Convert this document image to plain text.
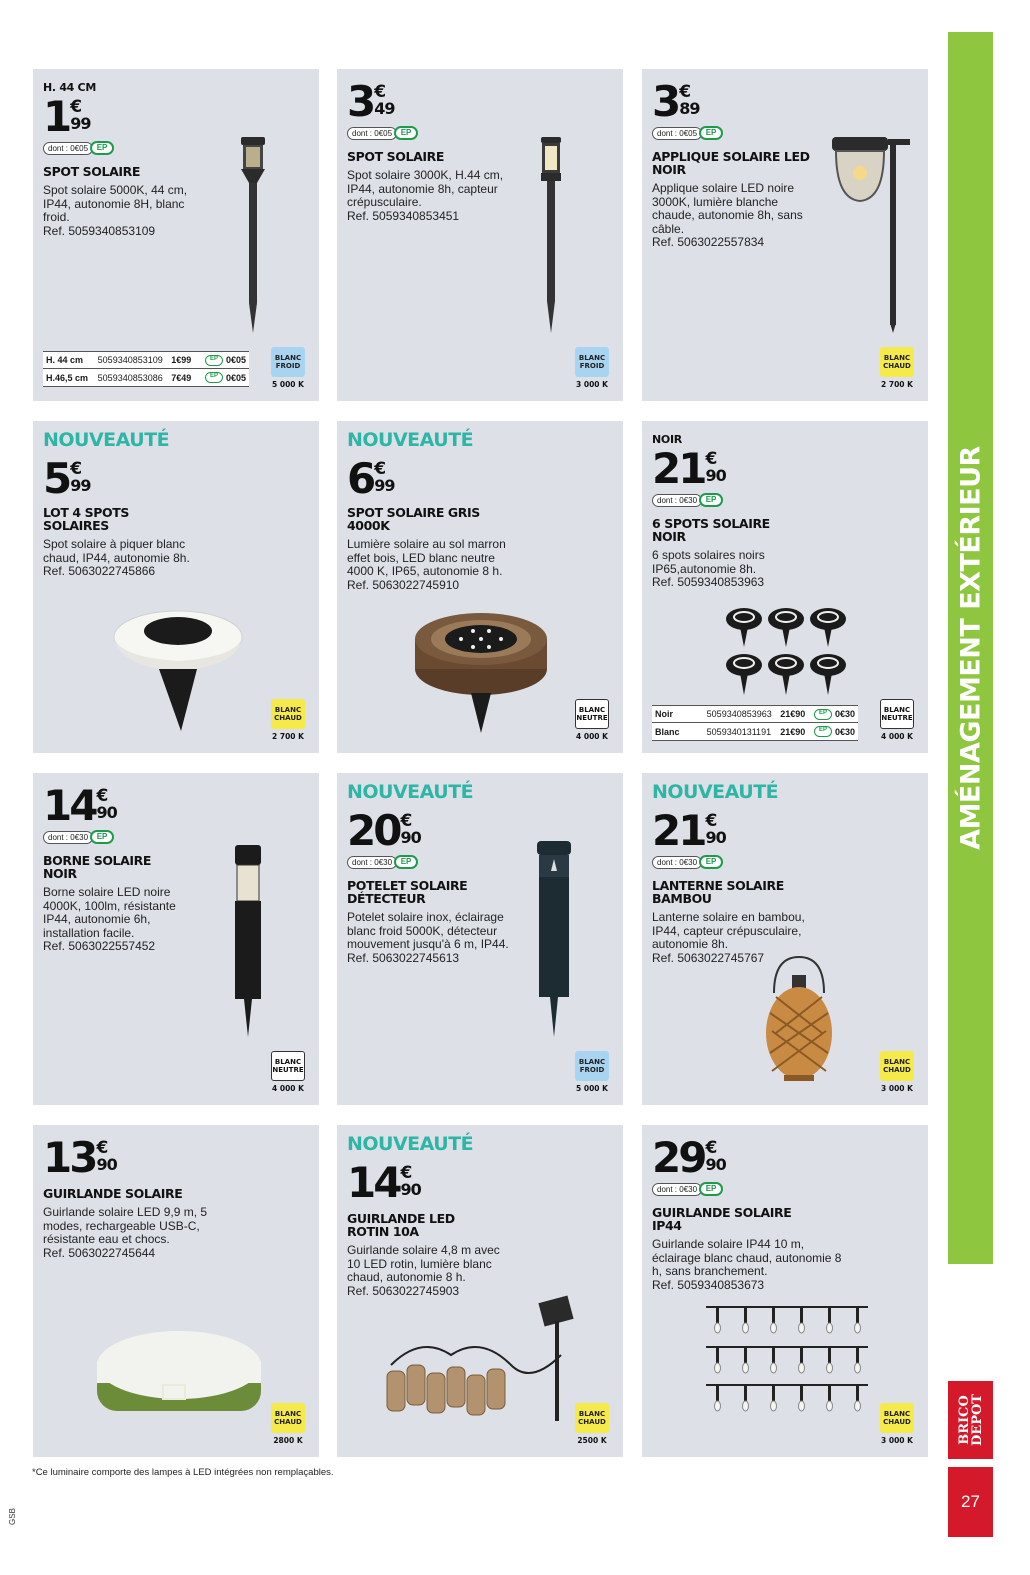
H. 44 CM
1 €
99
dont : 0€05	EP
SPOT SOLAIRE
Spot solaire 5000K, 44 cm, IP44, autonomie 8H, blanc froid.
Ref. 5059340853109
H. 44 cm	5059340853109 1€99	EP 0€05
H.46,5 cm	5059340853086 7€49	EP 0€05
BLANC
FROID
5 000 K
3 €
49
dont : 0€05	EP
SPOT SOLAIRE
Spot solaire 3000K, H.44 cm, IP44, autonomie 8h, capteur crépusculaire.
Ref. 5059340853451
BLANC
FROID
3 000 K
3 €
89
dont : 0€05	EP
APPLIQUE SOLAIRE LED NOIR
Applique solaire LED noire 3000K, lumière blanche chaude, autonomie 8h, sans câble.
Ref. 5063022557834
BLANC
CHAUD
2 700 K
NOUVEAUTÉ
5 €
99
LOT 4 SPOTS SOLAIRES
Spot solaire à piquer blanc chaud, IP44, autonomie 8h.
Ref. 5063022745866
BLANC
CHAUD
2 700 K
NOUVEAUTÉ
6 €
99
SPOT SOLAIRE GRIS 4000K
Lumière solaire au sol marron effet bois, LED blanc neutre 4000 K, IP65, autonomie 8 h.
Ref. 5063022745910
BLANC
NEUTRE
4 000 K
NOIR
21 €
90
dont : 0€30	EP
6 SPOTS SOLAIRE NOIR
6 spots solaires noirs IP65,autonomie 8h.
Ref. 5059340853963
Noir	5059340853963 21€90	EP 0€30
Blanc	5059340131191	21€90	EP 0€30
BLANC
NEUTRE
4 000 K
14 €
90
dont : 0€30	EP
BORNE SOLAIRE NOIR
Borne solaire LED noire 4000K, 100lm, résistante IP44, autonomie 6h, installation facile.
Ref. 5063022557452
BLANC
NEUTRE
4 000 K
NOUVEAUTÉ
20 €
90
dont : 0€30	EP
POTELET SOLAIRE DÉTECTEUR
Potelet solaire inox, éclairage blanc froid 5000K, détecteur mouvement jusqu'à 6 m, IP44.
Ref. 5063022745613
BLANC
FROID
5 000 K
NOUVEAUTÉ
21 €
90
dont : 0€30	EP
LANTERNE SOLAIRE BAMBOU
Lanterne solaire en bambou, IP44, capteur crépusculaire, autonomie 8h.
Ref. 5063022745767
BLANC
CHAUD
3 000 K
13 €
90
GUIRLANDE SOLAIRE
Guirlande solaire LED 9,9 m, 5 modes, rechargeable USB-C, résistante eau et chocs.
Ref. 5063022745644
BLANC
CHAUD
2800 K
NOUVEAUTÉ
14 €
90
GUIRLANDE LED ROTIN 10A
Guirlande solaire 4,8 m avec 10 LED rotin, lumière blanc chaud, autonomie 8 h.
Ref. 5063022745903
BLANC
CHAUD
2500 K
29 €
90
dont : 0€30	EP
GUIRLANDE SOLAIRE IP44
Guirlande solaire IP44 10 m, éclairage blanc chaud, autonomie 8 h, sans branchement.
Ref. 5059340853673
BLANC
CHAUD
3 000 K
AMÉNAGEMENT EXTÉRIEUR
BRICO
DEPOT
27
*Ce luminaire comporte des lampes à LED intégrées non remplaçables.
GSB
